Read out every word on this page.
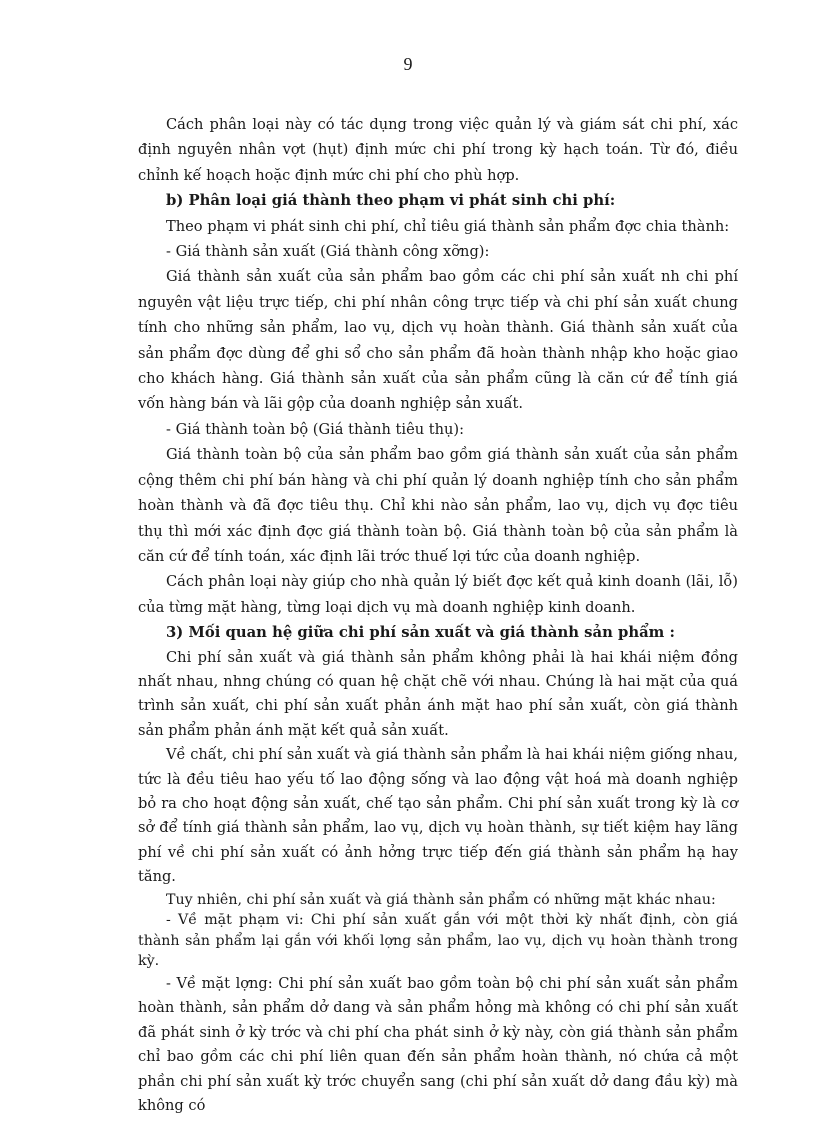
9

Cách phân loại này có tác dụng trong việc quản lý và giám sát chi phí, xác định nguyên nhân vợt (hụt) định mức chi phí trong kỳ hạch toán. Từ đó, điều chỉnh kế hoạch hoặc định mức chi phí cho phù hợp.

b) Phân loại giá thành theo phạm vi phát sinh chi phí:

Theo phạm vi phát sinh chi phí, chỉ tiêu giá thành sản phẩm đợc chia thành:

- Giá thành sản xuất (Giá thành công xỡng):

Giá thành sản xuất của sản phẩm bao gồm các chi phí sản xuất nh chi phí nguyên vật liệu trực tiếp, chi phí nhân công trực tiếp và chi phí sản xuất chung tính cho những sản phẩm, lao vụ, dịch vụ hoàn thành. Giá thành sản xuất của sản phẩm đợc dùng để ghi sổ cho sản phẩm đã hoàn thành nhập kho hoặc giao cho khách hàng. Giá thành sản xuất của sản phẩm cũng là căn cứ để tính giá vốn hàng bán và lãi gộp của doanh nghiệp sản xuất.

- Giá thành toàn bộ (Giá thành tiêu thụ):

Giá thành toàn bộ của sản phẩm bao gồm giá thành sản xuất của sản phẩm cộng thêm chi phí bán hàng và chi phí quản lý doanh nghiệp tính cho sản phẩm hoàn thành và đã đợc tiêu thụ. Chỉ khi nào sản phẩm, lao vụ, dịch vụ đợc tiêu thụ thì mới xác định đợc giá thành toàn bộ. Giá thành toàn bộ của sản phẩm là căn cứ để tính toán, xác định lãi trớc thuế lợi tức của doanh nghiệp.

Cách phân loại này giúp cho nhà quản lý biết đợc kết quả kinh doanh (lãi, lỗ) của từng mặt hàng, từng loại dịch vụ mà doanh nghiệp kinh doanh.

3) Mối quan hệ giữa chi phí sản xuất và giá thành sản phẩm :

Chi phí sản xuất và giá thành sản phẩm không phải là hai khái niệm đồng nhất nhau, nhng chúng có quan hệ chặt chẽ với nhau. Chúng là hai mặt của quá trình sản xuất, chi phí sản xuất phản ánh mặt hao phí sản xuất, còn giá thành sản phẩm phản ánh mặt kết quả sản xuất.

Về chất, chi phí sản xuất và giá thành sản phẩm là hai khái niệm giống nhau, tức là đều tiêu hao yếu tố lao động sống và lao động vật hoá mà doanh nghiệp bỏ ra cho hoạt động sản xuất, chế tạo sản phẩm. Chi phí sản xuất trong kỳ là cơ sở để tính giá thành sản phẩm, lao vụ, dịch vụ hoàn thành, sự tiết kiệm hay lãng phí về chi phí sản xuất có ảnh hởng trực tiếp đến giá thành sản phẩm hạ hay tăng.

Tuy nhiên, chi phí sản xuất và giá thành sản phẩm có những mặt khác nhau:

- Về mặt phạm vi: Chi phí sản xuất gắn với một thời kỳ nhất định, còn giá thành sản phẩm lại gắn với khối lợng sản phẩm, lao vụ, dịch vụ hoàn thành trong kỳ.

- Về mặt lợng: Chi phí sản xuất bao gồm toàn bộ chi phí sản xuất sản phẩm hoàn thành, sản phẩm dở dang và sản phẩm hỏng mà không có chi phí sản xuất đã phát sinh ở kỳ trớc và chi phí cha phát sinh ở kỳ này, còn giá thành sản phẩm chỉ bao gồm các chi phí liên quan đến sản phẩm hoàn thành, nó chứa cả một phần chi phí sản xuất kỳ trớc chuyển sang (chi phí sản xuất dở dang đầu kỳ) mà không có
